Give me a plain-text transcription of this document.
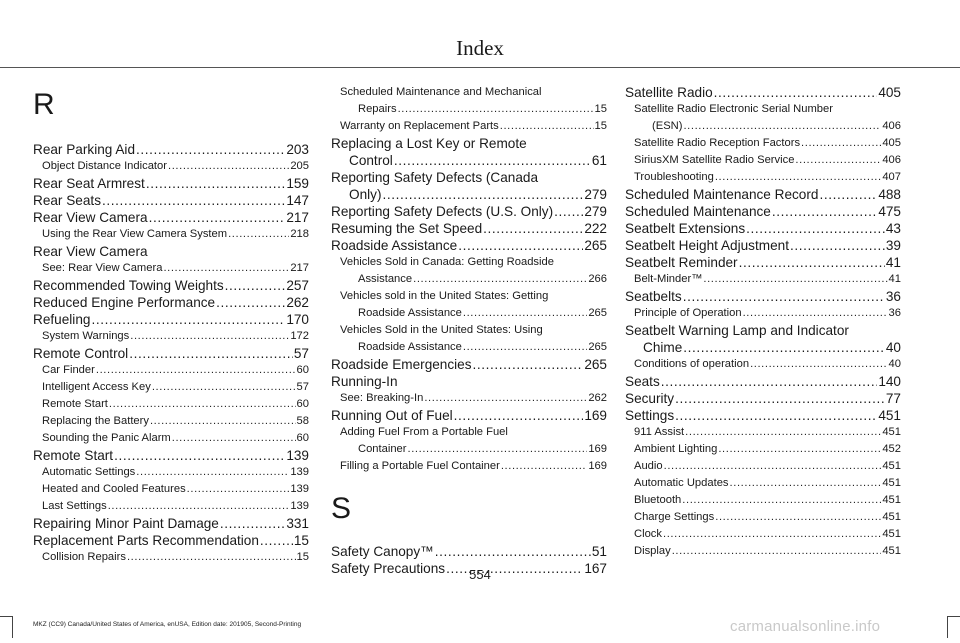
Index
R
Rear Parking Aid .....	203
Object Distance Indicator .....	205
Rear Seat Armrest .....	159
Rear Seats .....	147
Rear View Camera .....	217
Using the Rear View Camera System .....	218
Rear View Camera
See: Rear View Camera .....	217
Recommended Towing Weights .....	257
Reduced Engine Performance .....	262
Refueling .....	170
System Warnings .....	172
Remote Control .....	57
Car Finder .....	60
Intelligent Access Key .....	57
Remote Start .....	60
Replacing the Battery .....	58
Sounding the Panic Alarm .....	60
Remote Start .....	139
Automatic Settings .....	139
Heated and Cooled Features .....	139
Last Settings .....	139
Repairing Minor Paint Damage .....	331
Replacement Parts Recommendation .....	15
Collision Repairs .....	15
Scheduled Maintenance and Mechanical
Repairs .....	15
Warranty on Replacement Parts .....	15
Replacing a Lost Key or Remote
Control .....	61
Reporting Safety Defects (Canada
Only) .....	279
Reporting Safety Defects (U.S. Only) ..... 279
Resuming the Set Speed .....	222
Roadside Assistance .....	265
Vehicles Sold in Canada: Getting Roadside
Assistance .....	266
Vehicles sold in the United States: Getting
Roadside Assistance .....	265
Vehicles Sold in the United States: Using
Roadside Assistance .....	265
Roadside Emergencies .....	265
Running-In
See: Breaking-In .....	262
Running Out of Fuel .....	169
Adding Fuel From a Portable Fuel
Container .....	169
Filling a Portable Fuel Container .....	169
S
Safety Canopy™ .....	51
Safety Precautions .....	167
Satellite Radio .....	405
Satellite Radio Electronic Serial Number
(ESN) .....	406
Satellite Radio Reception Factors .....	405
SiriusXM Satellite Radio Service .....	406
Troubleshooting .....	407
Scheduled Maintenance Record .....	488
Scheduled Maintenance .....	475
Seatbelt Extensions .....	43
Seatbelt Height Adjustment .....	39
Seatbelt Reminder .....	41
Belt-Minder™ .....	41
Seatbelts .....	36
Principle of Operation .....	36
Seatbelt Warning Lamp and Indicator
Chime .....	40
Conditions of operation .....	40
Seats .....	140
Security .....	77
Settings .....	451
911 Assist .....	451
Ambient Lighting .....	452
Audio .....	451
Automatic Updates .....	451
Bluetooth .....	451
Charge Settings .....	451
Clock .....	451
Display .....	451
554
MKZ (CC9) Canada/United States of America, enUSA, Edition date: 201905, Second-Printing	carmanualsonline.info
